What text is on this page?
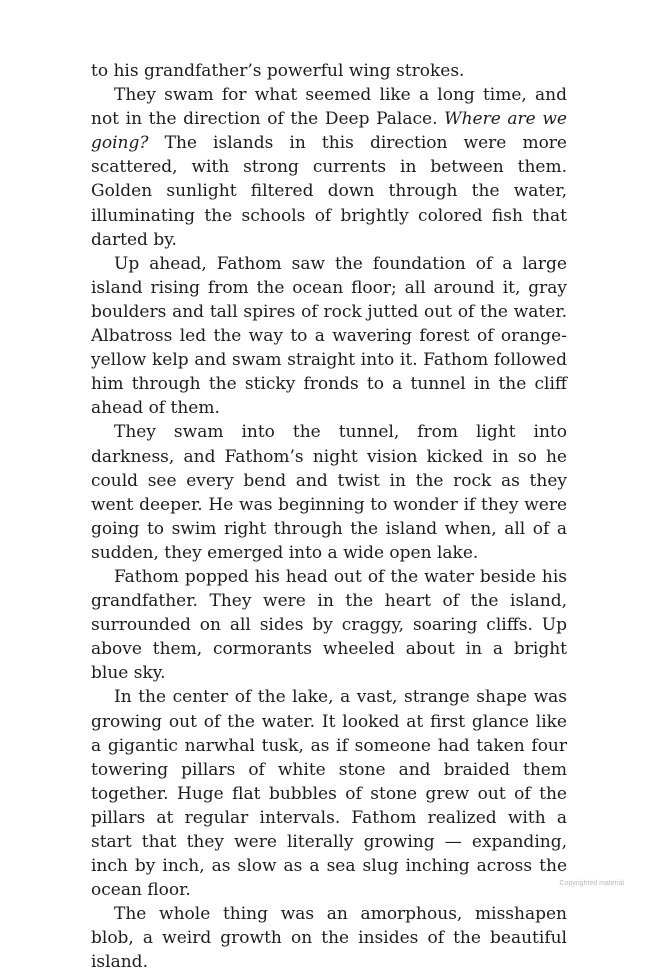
to his grandfather’s powerful wing strokes.

They swam for what seemed like a long time, and not in the direction of the Deep Palace. Where are we going? The islands in this direction were more scattered, with strong currents in between them. Golden sunlight filtered down through the water, illuminating the schools of brightly colored fish that darted by.

Up ahead, Fathom saw the foundation of a large island rising from the ocean floor; all around it, gray boulders and tall spires of rock jutted out of the water. Albatross led the way to a wavering forest of orange-yellow kelp and swam straight into it. Fathom followed him through the sticky fronds to a tunnel in the cliff ahead of them.

They swam into the tunnel, from light into darkness, and Fathom’s night vision kicked in so he could see every bend and twist in the rock as they went deeper. He was beginning to wonder if they were going to swim right through the island when, all of a sudden, they emerged into a wide open lake.

Fathom popped his head out of the water beside his grandfather. They were in the heart of the island, surrounded on all sides by craggy, soaring cliffs. Up above them, cormorants wheeled about in a bright blue sky.

In the center of the lake, a vast, strange shape was growing out of the water. It looked at first glance like a gigantic narwhal tusk, as if someone had taken four towering pillars of white stone and braided them together. Huge flat bubbles of stone grew out of the pillars at regular intervals. Fathom realized with a start that they were literally growing — expanding, inch by inch, as slow as a sea slug inching across the ocean floor.

The whole thing was an amorphous, misshapen blob, a weird growth on the insides of the beautiful island.

Copyrighted material
